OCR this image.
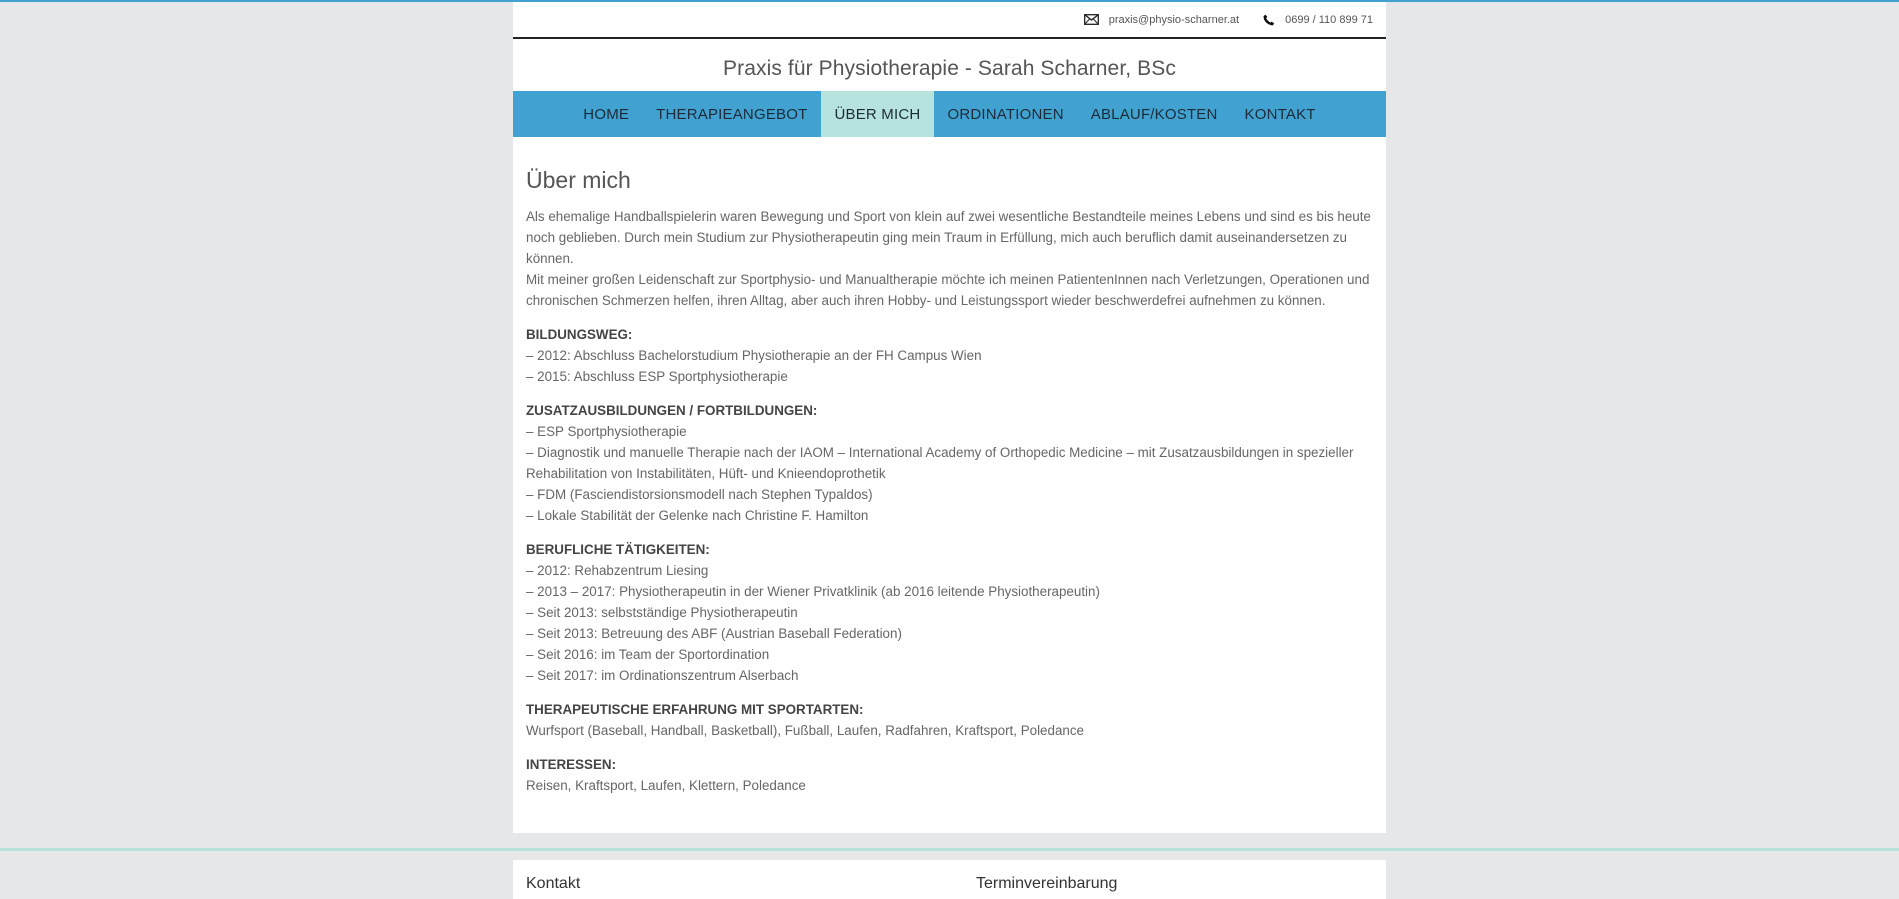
praxis@physio-scharner.at	0699 / 110 899 71
Praxis für Physiotherapie - Sarah Scharner, BSc
HOME	THERAPIEANGEBOT	ÜBER MICH	ORDINATIONEN	ABLAUF/KOSTEN	KONTAKT
Über mich

Als ehemalige Handballspielerin waren Bewegung und Sport von klein auf zwei wesentliche Bestandteile meines Lebens und sind es bis heute noch geblieben. Durch mein Studium zur Physiotherapeutin ging mein Traum in Erfüllung, mich auch beruflich damit auseinandersetzen zu können.

Mit meiner großen Leidenschaft zur Sportphysio- und Manualtherapie möchte ich meinen PatientenInnen nach Verletzungen, Operationen und chronischen Schmerzen helfen, ihren Alltag, aber auch ihren Hobby- und Leistungssport wieder beschwerdefrei aufnehmen zu können.

BILDUNGSWEG:
– 2012: Abschluss Bachelorstudium Physiotherapie an der FH Campus Wien
– 2015: Abschluss ESP Sportphysiotherapie
ZUSATZAUSBILDUNGEN / FORTBILDUNGEN:
– ESP Sportphysiotherapie
– Diagnostik und manuelle Therapie nach der IAOM – International Academy of Orthopedic Medicine – mit Zusatzausbildungen in spezieller Rehabilitation von Instabilitäten, Hüft- und Knieendoprothetik
– FDM (Fasciendistorsionsmodell nach Stephen Typaldos)
– Lokale Stabilität der Gelenke nach Christine F. Hamilton
BERUFLICHE TÄTIGKEITEN:
– 2012: Rehabzentrum Liesing
– 2013 – 2017: Physiotherapeutin in der Wiener Privatklinik (ab 2016 leitende Physiotherapeutin)
– Seit 2013: selbstständige Physiotherapeutin
– Seit 2013: Betreuung des ABF (Austrian Baseball Federation)
– Seit 2016: im Team der Sportordination
– Seit 2017: im Ordinationszentrum Alserbach
THERAPEUTISCHE ERFAHRUNG MIT SPORTARTEN:
Wurfsport (Baseball, Handball, Basketball), Fußball, Laufen, Radfahren, Kraftsport, Poledance
INTERESSEN:
Reisen, Kraftsport, Laufen, Klettern, Poledance
Kontakt	Terminvereinbarung
